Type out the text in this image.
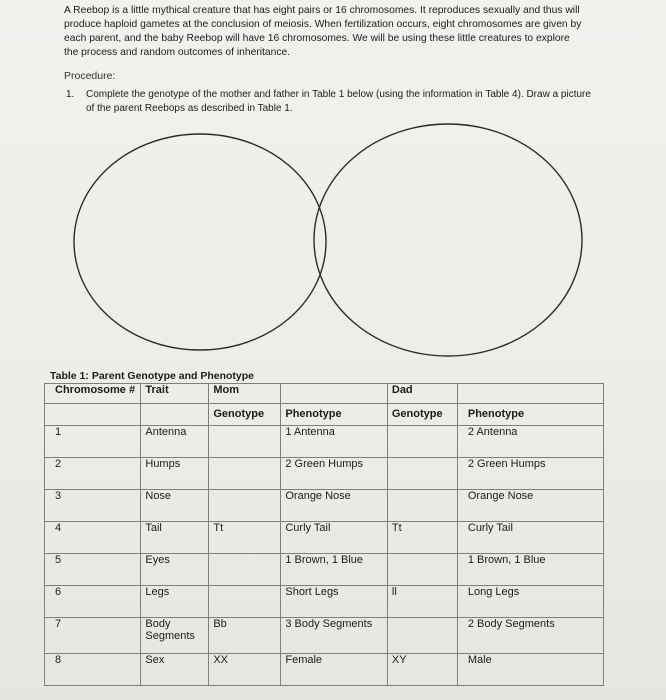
A Reebop is a little mythical creature that has eight pairs or 16 chromosomes. It reproduces sexually and thus will produce haploid gametes at the conclusion of meiosis. When fertilization occurs, eight chromosomes are given by each parent, and the baby Reebop will have 16 chromosomes. We will be using these little creatures to explore the process and random outcomes of inheritance.
Procedure:
1. Complete the genotype of the mother and father in Table 1 below (using the information in Table 4). Draw a picture of the parent Reebops as described in Table 1.
Table 1: Parent Genotype and Phenotype
Chromosome #	Trait	Mom		Dad	
		Genotype	Phenotype	Genotype	Phenotype
1	Antenna		1 Antenna		2 Antenna
2	Humps		2 Green Humps		2 Green Humps
3	Nose		Orange Nose		Orange Nose
4	Tail	Tt	Curly Tail	Tt	Curly Tail
5	Eyes		1 Brown, 1 Blue		1 Brown, 1 Blue
6	Legs		Short Legs	ll	Long Legs
7	Body Segments	Bb	3 Body Segments		2 Body Segments
8	Sex	XX	Female	XY	Male
